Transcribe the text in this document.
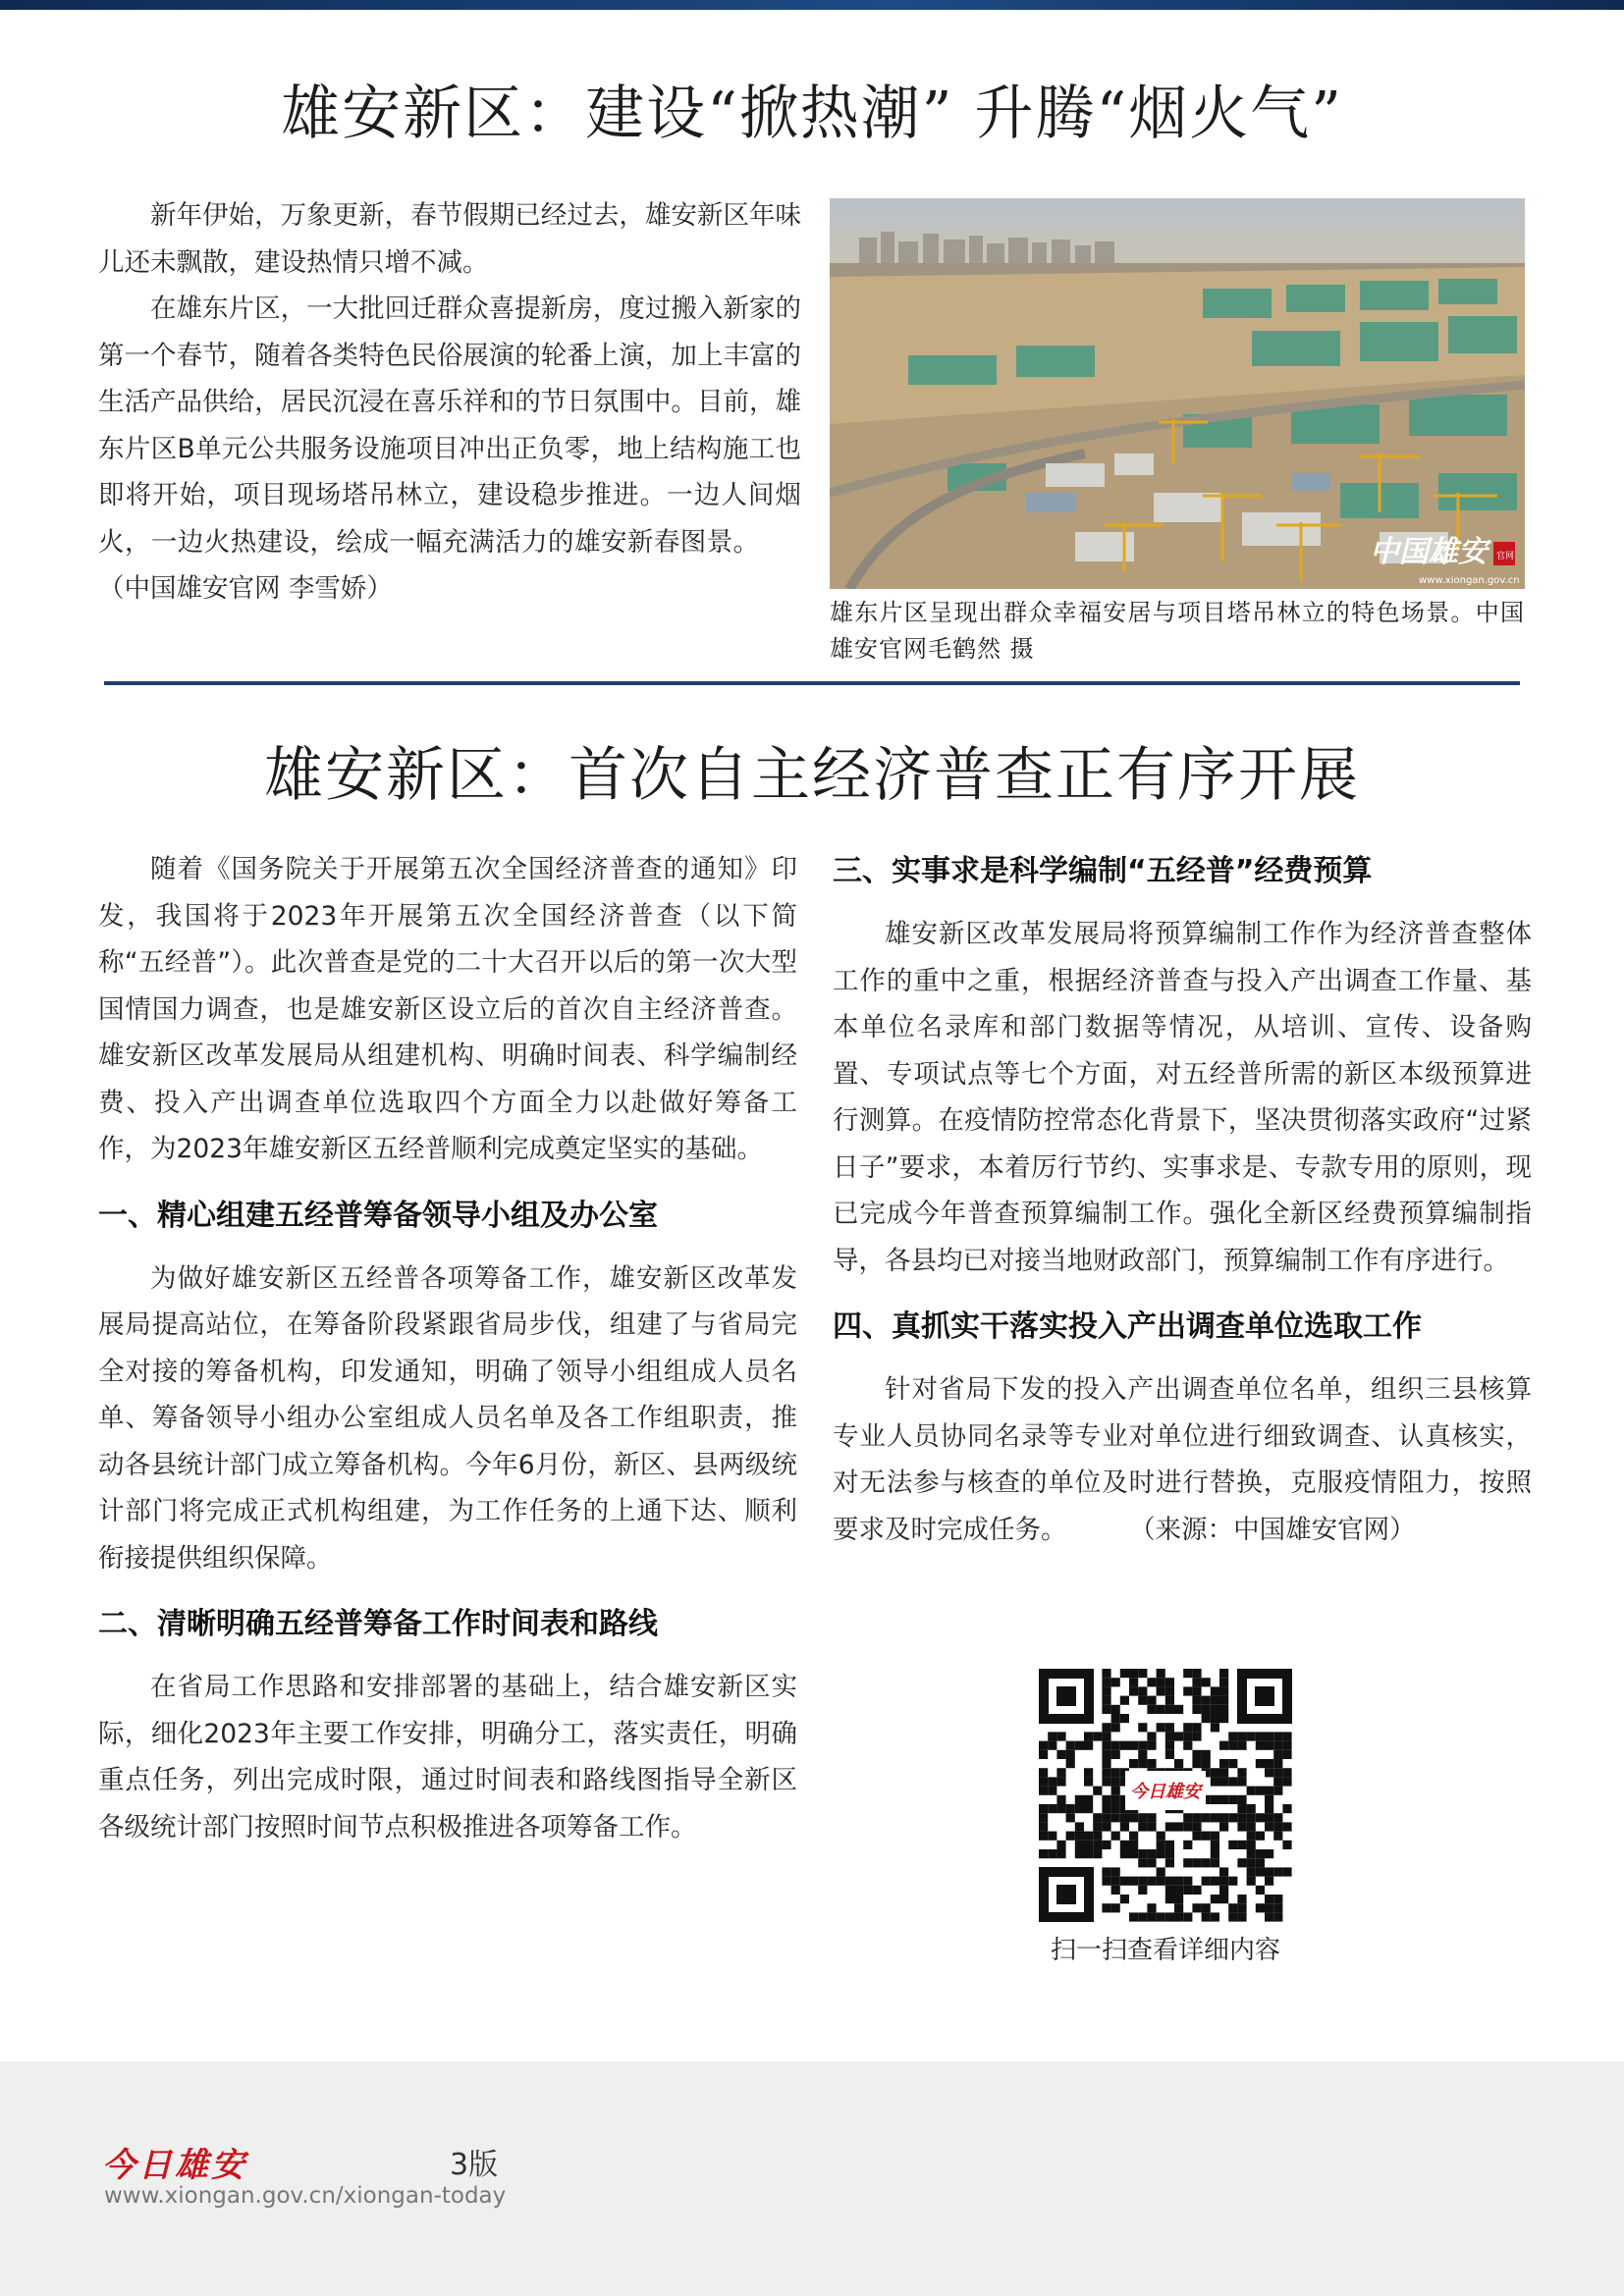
雄安新区：建设“掀热潮” 升腾“烟火气”

新年伊始，万象更新，春节假期已经过去，雄安新区年味儿还未飘散，建设热情只增不减。

在雄东片区，一大批回迁群众喜提新房，度过搬入新家的第一个春节，随着各类特色民俗展演的轮番上演，加上丰富的生活产品供给，居民沉浸在喜乐祥和的节日氛围中。目前，雄东片区B单元公共服务设施项目冲出正负零，地上结构施工也即将开始，项目现场塔吊林立，建设稳步推进。一边人间烟火，一边火热建设，绘成一幅充满活力的雄安新春图景。（中国雄安官网 李雪娇）

中国雄安	官网
www.xiongan.gov.cn
雄东片区呈现出群众幸福安居与项目塔吊林立的特色场景。中国雄安官网毛鹤然 摄
雄安新区：首次自主经济普查正有序开展

随着《国务院关于开展第五次全国经济普查的通知》印发，我国将于2023年开展第五次全国经济普查（以下简称“五经普”）。此次普查是党的二十大召开以后的第一次大型国情国力调查，也是雄安新区设立后的首次自主经济普查。雄安新区改革发展局从组建机构、明确时间表、科学编制经费、投入产出调查单位选取四个方面全力以赴做好筹备工作，为2023年雄安新区五经普顺利完成奠定坚实的基础。

一、精心组建五经普筹备领导小组及办公室

为做好雄安新区五经普各项筹备工作，雄安新区改革发展局提高站位，在筹备阶段紧跟省局步伐，组建了与省局完全对接的筹备机构，印发通知，明确了领导小组组成人员名单、筹备领导小组办公室组成人员名单及各工作组职责，推动各县统计部门成立筹备机构。今年6月份，新区、县两级统计部门将完成正式机构组建，为工作任务的上通下达、顺利衔接提供组织保障。

二、清晰明确五经普筹备工作时间表和路线

在省局工作思路和安排部署的基础上，结合雄安新区实际，细化2023年主要工作安排，明确分工，落实责任，明确重点任务，列出完成时限，通过时间表和路线图指导全新区各级统计部门按照时间节点积极推进各项筹备工作。

三、实事求是科学编制“五经普”经费预算

雄安新区改革发展局将预算编制工作作为经济普查整体工作的重中之重，根据经济普查与投入产出调查工作量、基本单位名录库和部门数据等情况，从培训、宣传、设备购置、专项试点等七个方面，对五经普所需的新区本级预算进行测算。在疫情防控常态化背景下，坚决贯彻落实政府“过紧日子”要求，本着厉行节约、实事求是、专款专用的原则，现已完成今年普查预算编制工作。强化全新区经费预算编制指导，各县均已对接当地财政部门，预算编制工作有序进行。

四、真抓实干落实投入产出调查单位选取工作

针对省局下发的投入产出调查单位名单，组织三县核算专业人员协同名录等专业对单位进行细致调查、认真核实，对无法参与核查的单位及时进行替换，克服疫情阻力，按照要求及时完成任务。 （来源：中国雄安官网）

今日雄安
扫一扫查看详细内容
今日雄安	3版
www.xiongan.gov.cn/xiongan-today
